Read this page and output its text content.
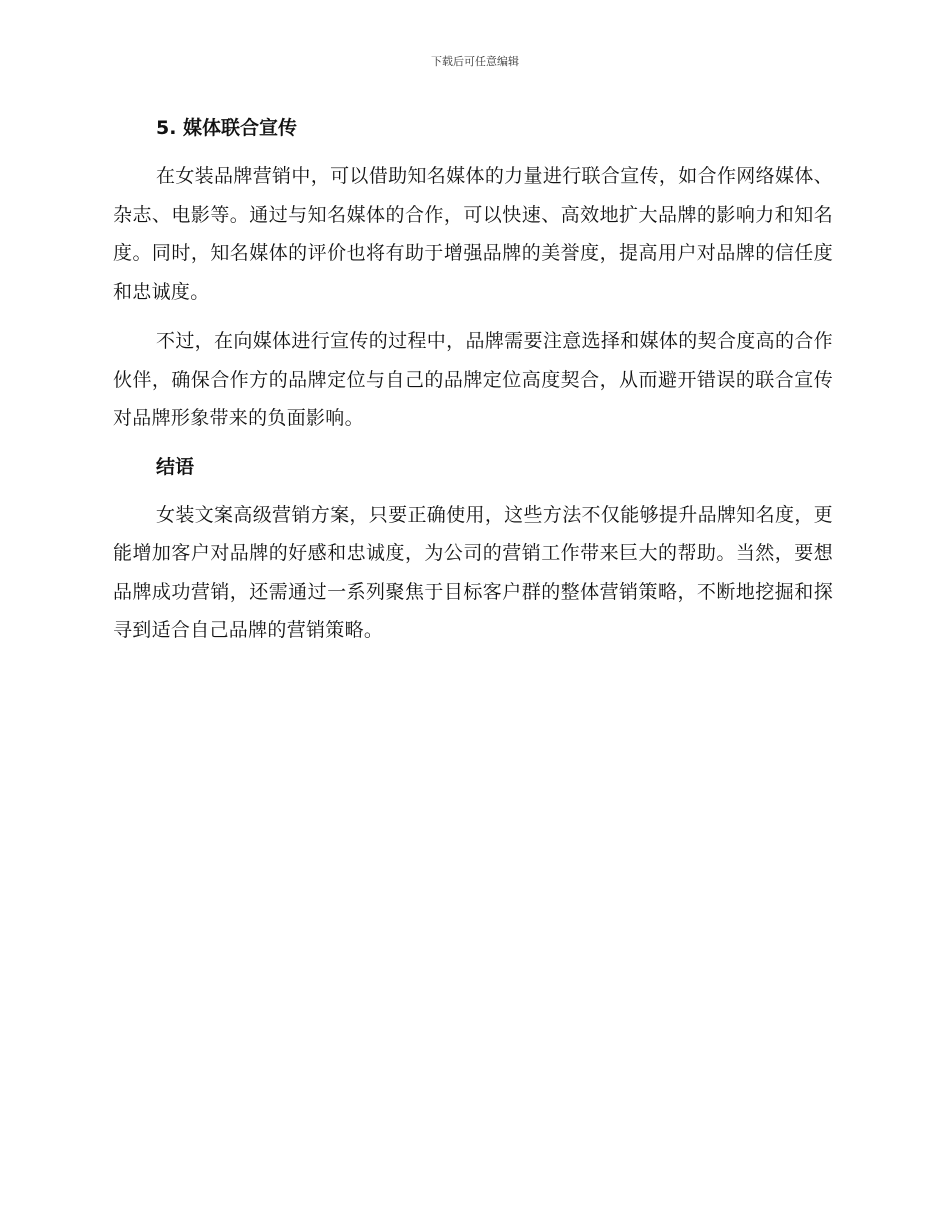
下载后可任意编辑
5. 媒体联合宣传

在女装品牌营销中，可以借助知名媒体的力量进行联合宣传，如合作网络媒体、杂志、电影等。通过与知名媒体的合作，可以快速、高效地扩大品牌的影响力和知名度。同时，知名媒体的评价也将有助于增强品牌的美誉度，提高用户对品牌的信任度和忠诚度。

不过，在向媒体进行宣传的过程中，品牌需要注意选择和媒体的契合度高的合作伙伴，确保合作方的品牌定位与自己的品牌定位高度契合，从而避开错误的联合宣传对品牌形象带来的负面影响。

结语

女装文案高级营销方案，只要正确使用，这些方法不仅能够提升品牌知名度，更能增加客户对品牌的好感和忠诚度，为公司的营销工作带来巨大的帮助。当然，要想品牌成功营销，还需通过一系列聚焦于目标客户群的整体营销策略，不断地挖掘和探寻到适合自己品牌的营销策略。
